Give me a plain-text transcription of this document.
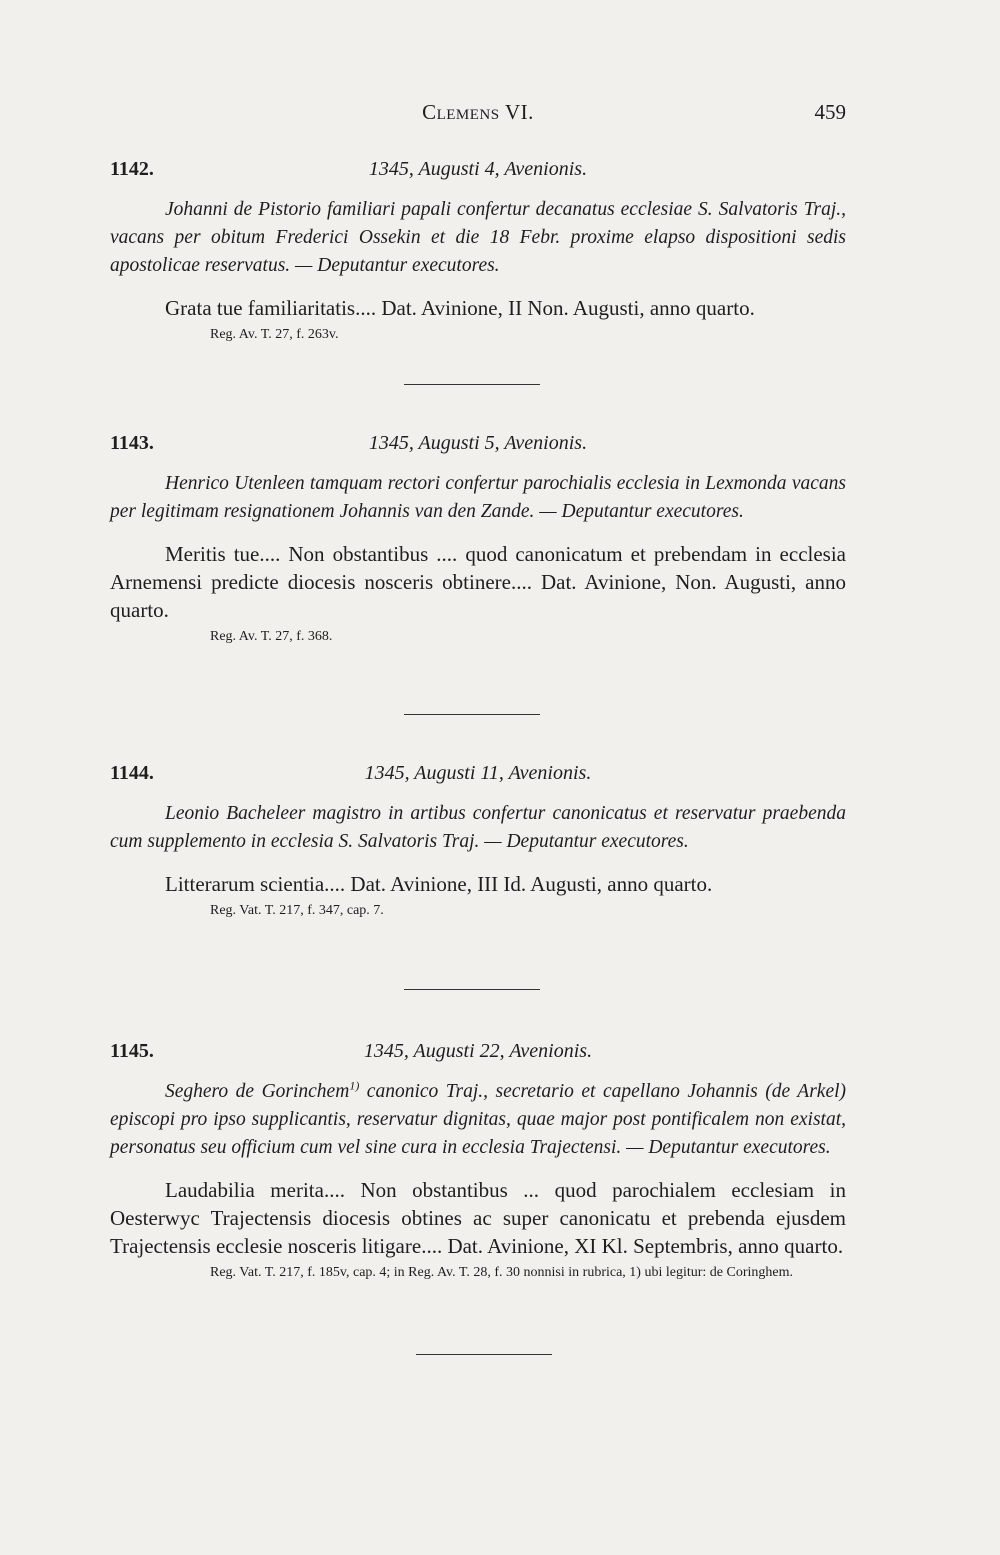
Clemens VI.	459
1142.	1345, Augusti 4, Avenionis.

Johanni de Pistorio familiari papali confertur decanatus ecclesiae S. Salvatoris Traj., vacans per obitum Frederici Ossekin et die 18 Febr. proxime elapso dispositioni sedis apostolicae reservatus. — Deputantur executores.

Grata tue familiaritatis.... Dat. Avinione, II Non. Augusti, anno quarto.

Reg. Av. T. 27, f. 263v.

1143.	1345, Augusti 5, Avenionis.

Henrico Utenleen tamquam rectori confertur parochialis ecclesia in Lexmonda vacans per legitimam resignationem Johannis van den Zande. — Deputantur executores.

Meritis tue.... Non obstantibus .... quod canonicatum et prebendam in ecclesia Arnemensi predicte diocesis nosceris obtinere.... Dat. Avinione, Non. Augusti, anno quarto.

Reg. Av. T. 27, f. 368.

1144.	1345, Augusti 11, Avenionis.

Leonio Bacheleer magistro in artibus confertur canonicatus et reservatur praebenda cum supplemento in ecclesia S. Salvatoris Traj. — Deputantur executores.

Litterarum scientia.... Dat. Avinione, III Id. Augusti, anno quarto.

Reg. Vat. T. 217, f. 347, cap. 7.

1145.	1345, Augusti 22, Avenionis.

Seghero de Gorinchem$^{1)}$ canonico Traj., secretario et capellano Johannis (de Arkel) episcopi pro ipso supplicantis, reservatur dignitas, quae major post pontificalem non existat, personatus seu officium cum vel sine cura in ecclesia Trajectensi. — Deputantur executores.

Laudabilia merita.... Non obstantibus ... quod parochialem ecclesiam in Oesterwyc Trajectensis diocesis obtines ac super canonicatu et prebenda ejusdem Trajectensis ecclesie nosceris litigare.... Dat. Avinione, XI Kl. Septembris, anno quarto.

Reg. Vat. T. 217, f. 185v, cap. 4; in Reg. Av. T. 28, f. 30 nonnisi in rubrica, 1) ubi legitur: de Coringhem.
